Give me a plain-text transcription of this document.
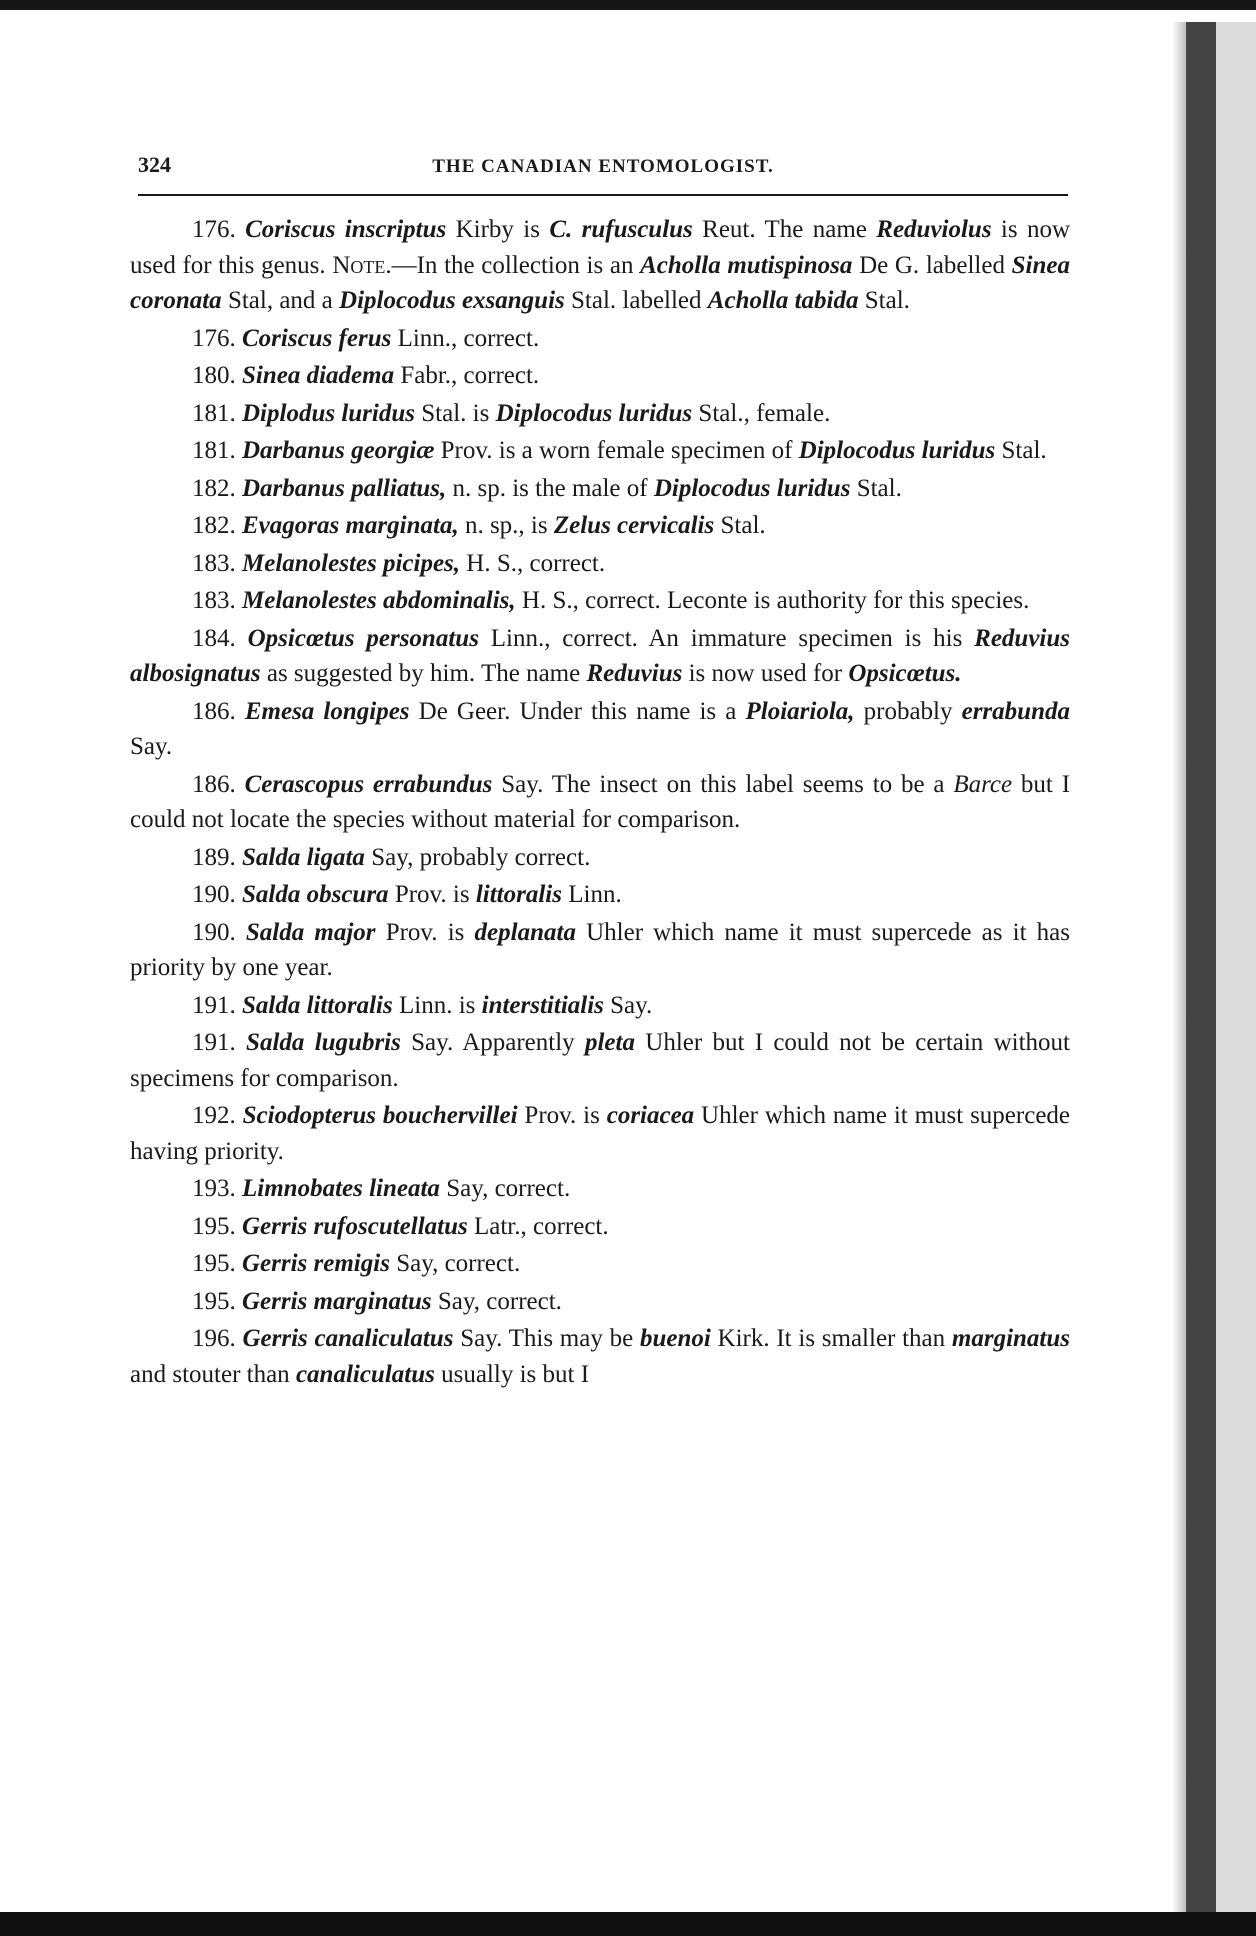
324	THE CANADIAN ENTOMOLOGIST.

176. Coriscus inscriptus Kirby is C. rufusculus Reut. The name Reduviolus is now used for this genus. Note.—In the collection is an Acholla mutispinosa De G. labelled Sinea coronata Stal, and a Diplocodus exsanguis Stal. labelled Acholla tabida Stal.

176. Coriscus ferus Linn., correct.

180. Sinea diadema Fabr., correct.

181. Diplodus luridus Stal. is Diplocodus luridus Stal., female.

181. Darbanus georgiæ Prov. is a worn female specimen of Diplocodus luridus Stal.

182. Darbanus palliatus, n. sp. is the male of Diplocodus luridus Stal.

182. Evagoras marginata, n. sp., is Zelus cervicalis Stal.

183. Melanolestes picipes, H. S., correct.

183. Melanolestes abdominalis, H. S., correct. Leconte is authority for this species.

184. Opsicœtus personatus Linn., correct. An immature specimen is his Reduvius albosignatus as suggested by him. The name Reduvius is now used for Opsicœtus.

186. Emesa longipes De Geer. Under this name is a Ploiariola, probably errabunda Say.

186. Cerascopus errabundus Say. The insect on this label seems to be a Barce but I could not locate the species without material for comparison.

189. Salda ligata Say, probably correct.

190. Salda obscura Prov. is littoralis Linn.

190. Salda major Prov. is deplanata Uhler which name it must supercede as it has priority by one year.

191. Salda littoralis Linn. is interstitialis Say.

191. Salda lugubris Say. Apparently pleta Uhler but I could not be certain without specimens for comparison.

192. Sciodopterus bouchervillei Prov. is coriacea Uhler which name it must supercede having priority.

193. Limnobates lineata Say, correct.

195. Gerris rufoscutellatus Latr., correct.

195. Gerris remigis Say, correct.

195. Gerris marginatus Say, correct.

196. Gerris canaliculatus Say. This may be buenoi Kirk. It is smaller than marginatus and stouter than canaliculatus usually is but I
